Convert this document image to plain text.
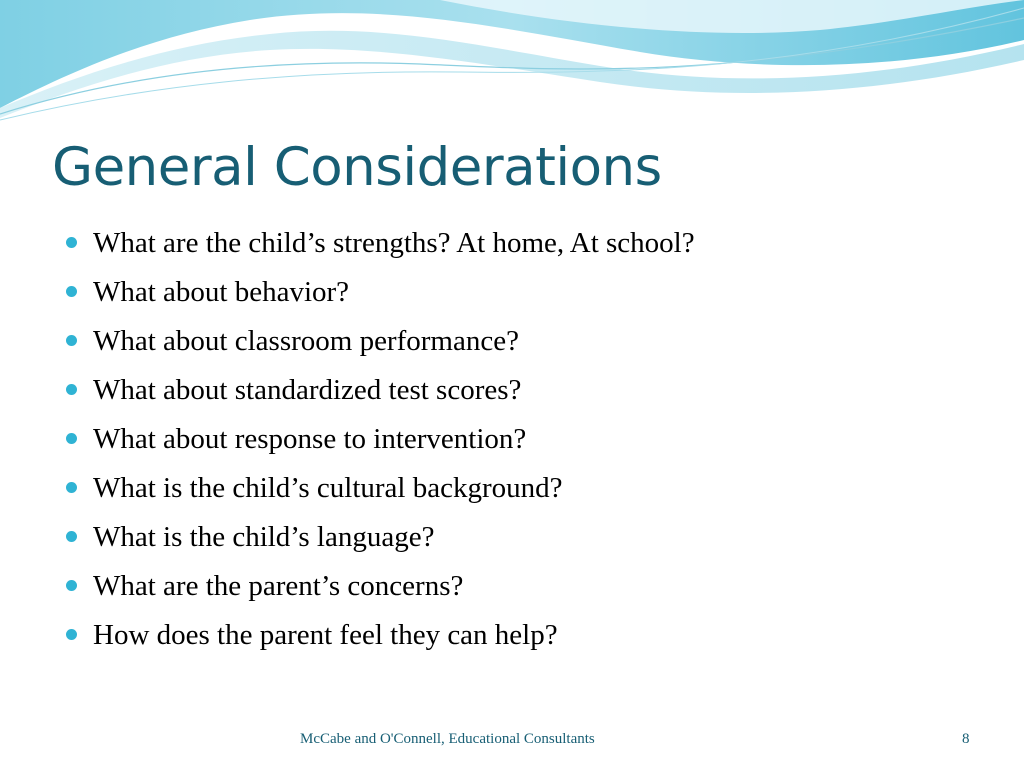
General Considerations
What are the child’s strengths? At home, At school?
What about behavior?
What about classroom performance?
What about standardized test scores?
What about response to intervention?
What is the child’s cultural background?
What is the child’s language?
What are the parent’s concerns?
How does the parent feel they can help?
McCabe and O'Connell, Educational Consultants	8
